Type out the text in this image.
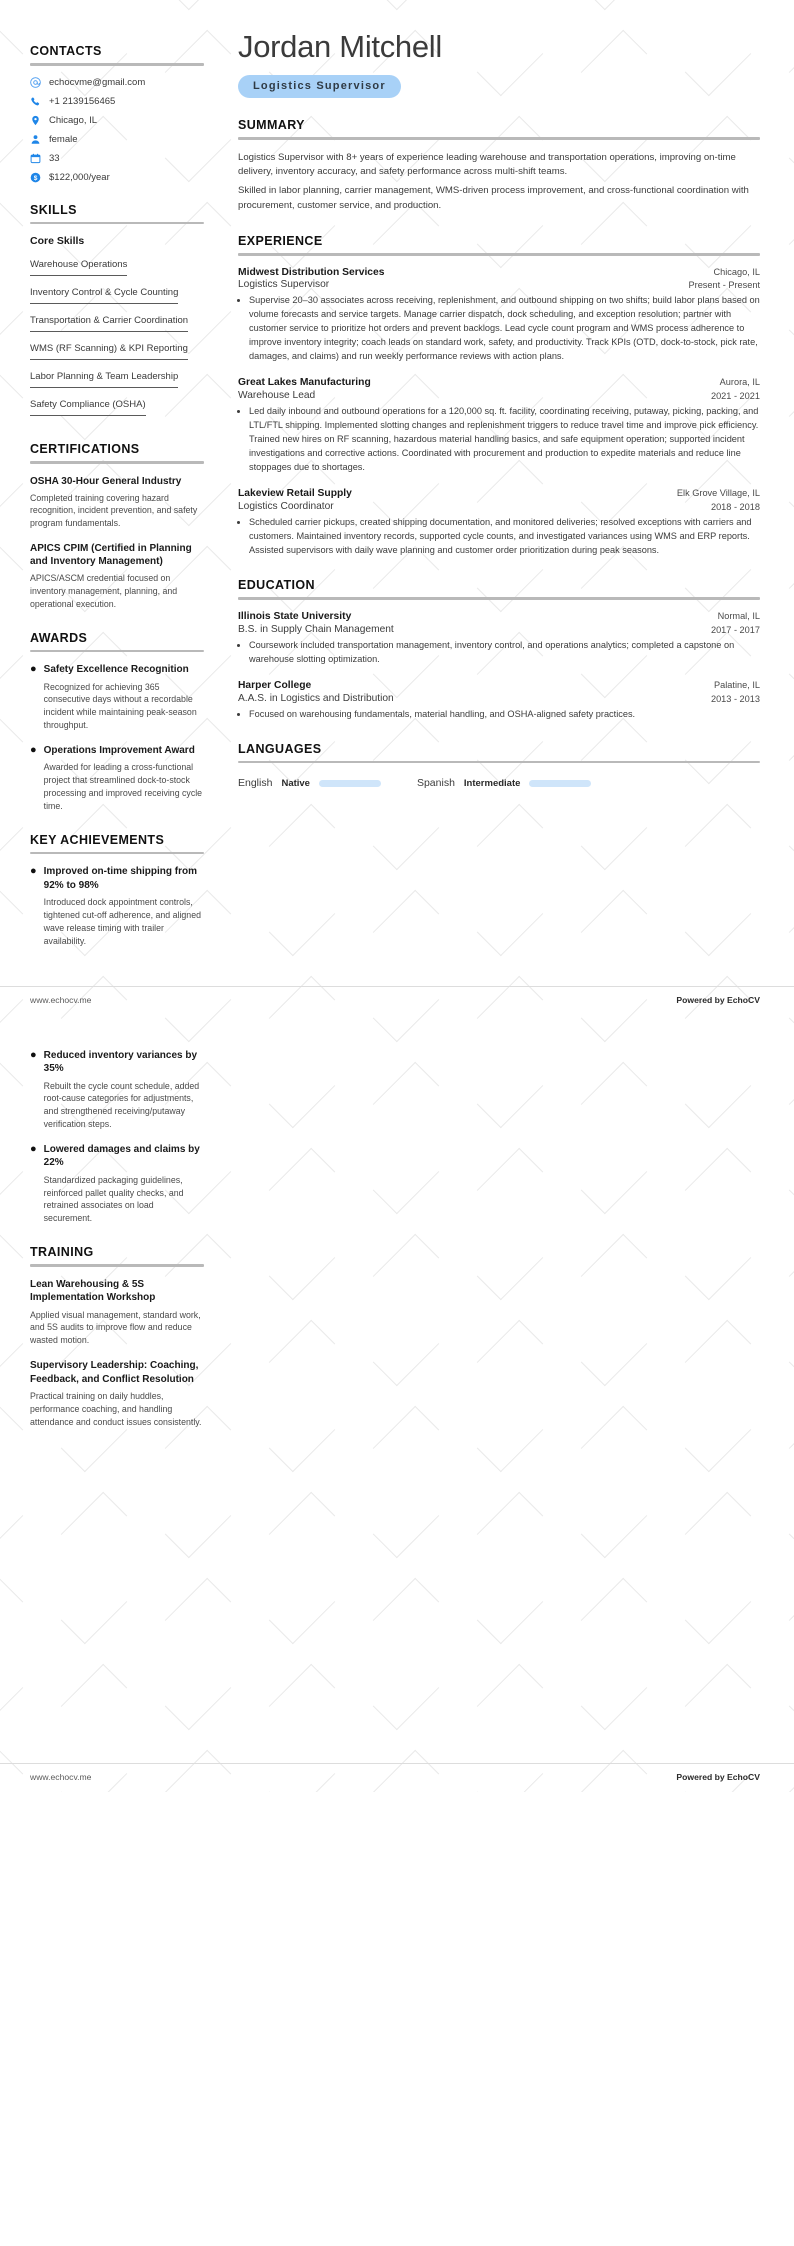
CONTACTS
echocvme@gmail.com
+1 2139156465
Chicago, IL
female
33
$ $122,000/year
SKILLS
Core Skills
Warehouse Operations
Inventory Control & Cycle Counting
Transportation & Carrier Coordination
WMS (RF Scanning) & KPI Reporting
Labor Planning & Team Leadership
Safety Compliance (OSHA)
CERTIFICATIONS
OSHA 30-Hour General Industry
Completed training covering hazard recognition, incident prevention, and safety program fundamentals.
APICS CPIM (Certified in Planning and Inventory Management)
APICS/ASCM credential focused on inventory management, planning, and operational execution.
AWARDS
● Safety Excellence Recognition
Recognized for achieving 365 consecutive days without a recordable incident while maintaining peak-season throughput.
● Operations Improvement Award
Awarded for leading a cross-functional project that streamlined dock-to-stock processing and improved receiving cycle time.
KEY ACHIEVEMENTS
● Improved on-time shipping from 92% to 98%
Introduced dock appointment controls, tightened cut-off adherence, and aligned wave release timing with trailer availability.
Jordan Mitchell
Logistics Supervisor
SUMMARY

Logistics Supervisor with 8+ years of experience leading warehouse and transportation operations, improving on-time delivery, inventory accuracy, and safety performance across multi-shift teams.

Skilled in labor planning, carrier management, WMS-driven process improvement, and cross-functional coordination with procurement, customer service, and production.

EXPERIENCE
Midwest Distribution Services	Chicago, IL
Logistics Supervisor	Present - Present
• Supervise 20–30 associates across receiving, replenishment, and outbound shipping on two shifts; build labor plans based on volume forecasts and service targets. Manage carrier dispatch, dock scheduling, and exception resolution; partner with customer service to prioritize hot orders and prevent backlogs. Lead cycle count program and WMS process adherence to improve inventory integrity; coach leads on standard work, safety, and productivity. Track KPIs (OTD, dock-to-stock, pick rate, damages, and claims) and run weekly performance reviews with action plans.
Great Lakes Manufacturing	Aurora, IL
Warehouse Lead	2021 - 2021
• Led daily inbound and outbound operations for a 120,000 sq. ft. facility, coordinating receiving, putaway, picking, packing, and LTL/FTL shipping. Implemented slotting changes and replenishment triggers to reduce travel time and improve pick efficiency. Trained new hires on RF scanning, hazardous material handling basics, and safe equipment operation; supported incident investigations and corrective actions. Coordinated with procurement and production to expedite materials and reduce line stoppages due to shortages.
Lakeview Retail Supply	Elk Grove Village, IL
Logistics Coordinator	2018 - 2018
• Scheduled carrier pickups, created shipping documentation, and monitored deliveries; resolved exceptions with carriers and customers. Maintained inventory records, supported cycle counts, and investigated variances using WMS and ERP reports. Assisted supervisors with daily wave planning and customer order prioritization during peak seasons.
EDUCATION
Illinois State University	Normal, IL
B.S. in Supply Chain Management	2017 - 2017
• Coursework included transportation management, inventory control, and operations analytics; completed a capstone on warehouse slotting optimization.
Harper College	Palatine, IL
A.A.S. in Logistics and Distribution	2013 - 2013
• Focused on warehousing fundamentals, material handling, and OSHA-aligned safety practices.
LANGUAGES
English Native	Spanish Intermediate
www.echocv.me	Powered by EchoCV
● Reduced inventory variances by 35%
Rebuilt the cycle count schedule, added root-cause categories for adjustments, and strengthened receiving/putaway verification steps.
● Lowered damages and claims by 22%
Standardized packaging guidelines, reinforced pallet quality checks, and retrained associates on load securement.
TRAINING
Lean Warehousing & 5S Implementation Workshop
Applied visual management, standard work, and 5S audits to improve flow and reduce wasted motion.
Supervisory Leadership: Coaching, Feedback, and Conflict Resolution
Practical training on daily huddles, performance coaching, and handling attendance and conduct issues consistently.
www.echocv.me	Powered by EchoCV
